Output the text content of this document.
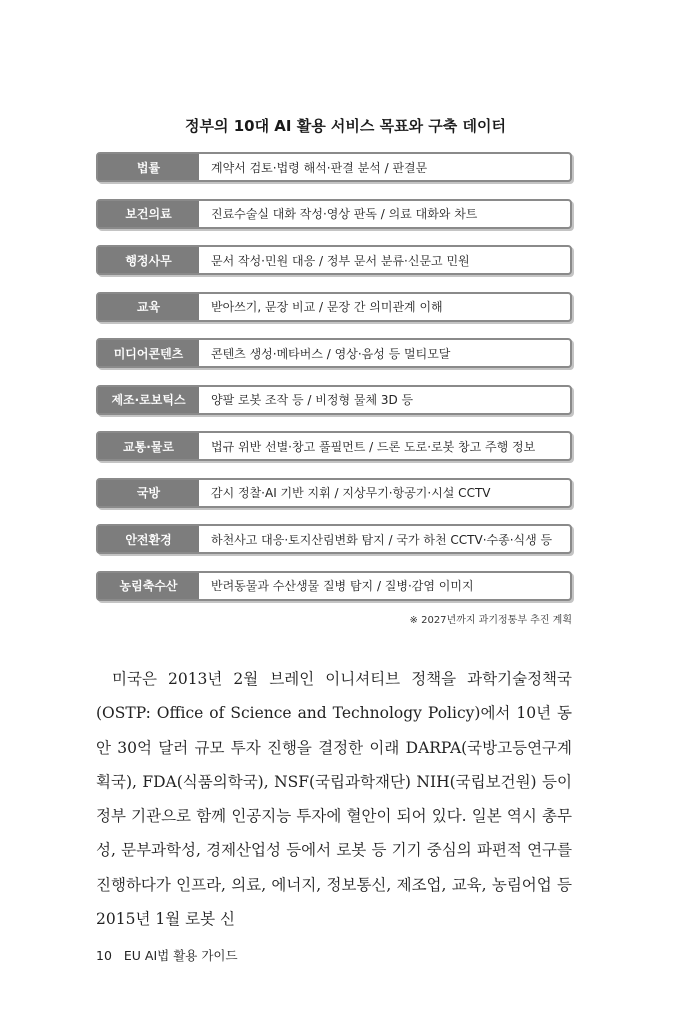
정부의 10대 AI 활용 서비스 목표와 구축 데이터
법률	계약서 검토·법령 해석·판결 분석 / 판결문
보건의료	진료수술실 대화 작성·영상 판독 / 의료 대화와 차트
행정사무	문서 작성·민원 대응 / 정부 문서 분류·신문고 민원
교육	받아쓰기, 문장 비교 / 문장 간 의미관계 이해
미디어콘텐츠	콘텐츠 생성·메타버스 / 영상·음성 등 멀티모달
제조·로보틱스	양팔 로봇 조작 등 / 비정형 물체 3D 등
교통·물로	법규 위반 선별·창고 풀필먼트 / 드론 도로·로봇 창고 주행 정보
국방	감시 정찰·AI 기반 지휘 / 지상무기·항공기·시설 CCTV
안전환경	하천사고 대응·토지산림변화 탐지 / 국가 하천 CCTV·수종·식생 등
농림축수산	반려동물과 수산생물 질병 탐지 / 질병·감염 이미지
※ 2027년까지 과기정통부 추진 계획

미국은 2013년 2월 브레인 이니셔티브 정책을 과학기술정책국(OSTP: Office of Science and Technology Policy)에서 10년 동안 30억 달러 규모 투자 진행을 결정한 이래 DARPA(국방고등연구계획국), FDA(식품의학국), NSF(국립과학재단) NIH(국립보건원) 등이 정부 기관으로 함께 인공지능 투자에 혈안이 되어 있다. 일본 역시 총무성, 문부과학성, 경제산업성 등에서 로봇 등 기기 중심의 파편적 연구를 진행하다가 인프라, 의료, 에너지, 정보통신, 제조업, 교육, 농림어업 등 2015년 1월 로봇 신

10 EU AI법 활용 가이드
